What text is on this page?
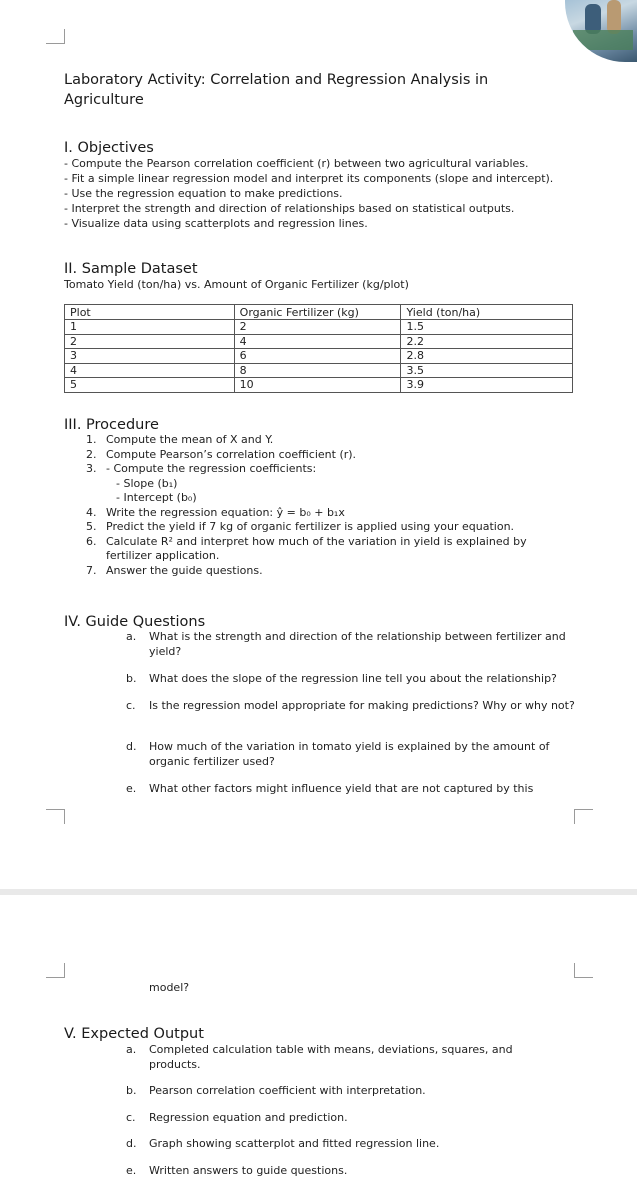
Laboratory Activity: Correlation and Regression Analysis in Agriculture
I. Objectives
- Compute the Pearson correlation coefficient (r) between two agricultural variables.
- Fit a simple linear regression model and interpret its components (slope and intercept).
- Use the regression equation to make predictions.
- Interpret the strength and direction of relationships based on statistical outputs.
- Visualize data using scatterplots and regression lines.
II. Sample Dataset
Tomato Yield (ton/ha) vs. Amount of Organic Fertilizer (kg/plot)
Plot	Organic Fertilizer (kg)	Yield (ton/ha)
1	2	1.5
2	4	2.2
3	6	2.8
4	8	3.5
5	10	3.9
III. Procedure
1. Compute the mean of X and Y.
2. Compute Pearson’s correlation coefficient (r).
3. - Compute the regression coefficients:
- Slope (b₁)
- Intercept (b₀)
4. Write the regression equation: ŷ = b₀ + b₁x
5. Predict the yield if 7 kg of organic fertilizer is applied using your equation.
6. Calculate R² and interpret how much of the variation in yield is explained by fertilizer application.
7. Answer the guide questions.
IV. Guide Questions
a.	What is the strength and direction of the relationship between fertilizer and yield?
b.	What does the slope of the regression line tell you about the relationship?
c.	Is the regression model appropriate for making predictions? Why or why not?
d.	How much of the variation in tomato yield is explained by the amount of organic fertilizer used?
e.	What other factors might influence yield that are not captured by this
model?
V. Expected Output
a.	Completed calculation table with means, deviations, squares, and products.
b.	Pearson correlation coefficient with interpretation.
c.	Regression equation and prediction.
d.	Graph showing scatterplot and fitted regression line.
e.	Written answers to guide questions.
